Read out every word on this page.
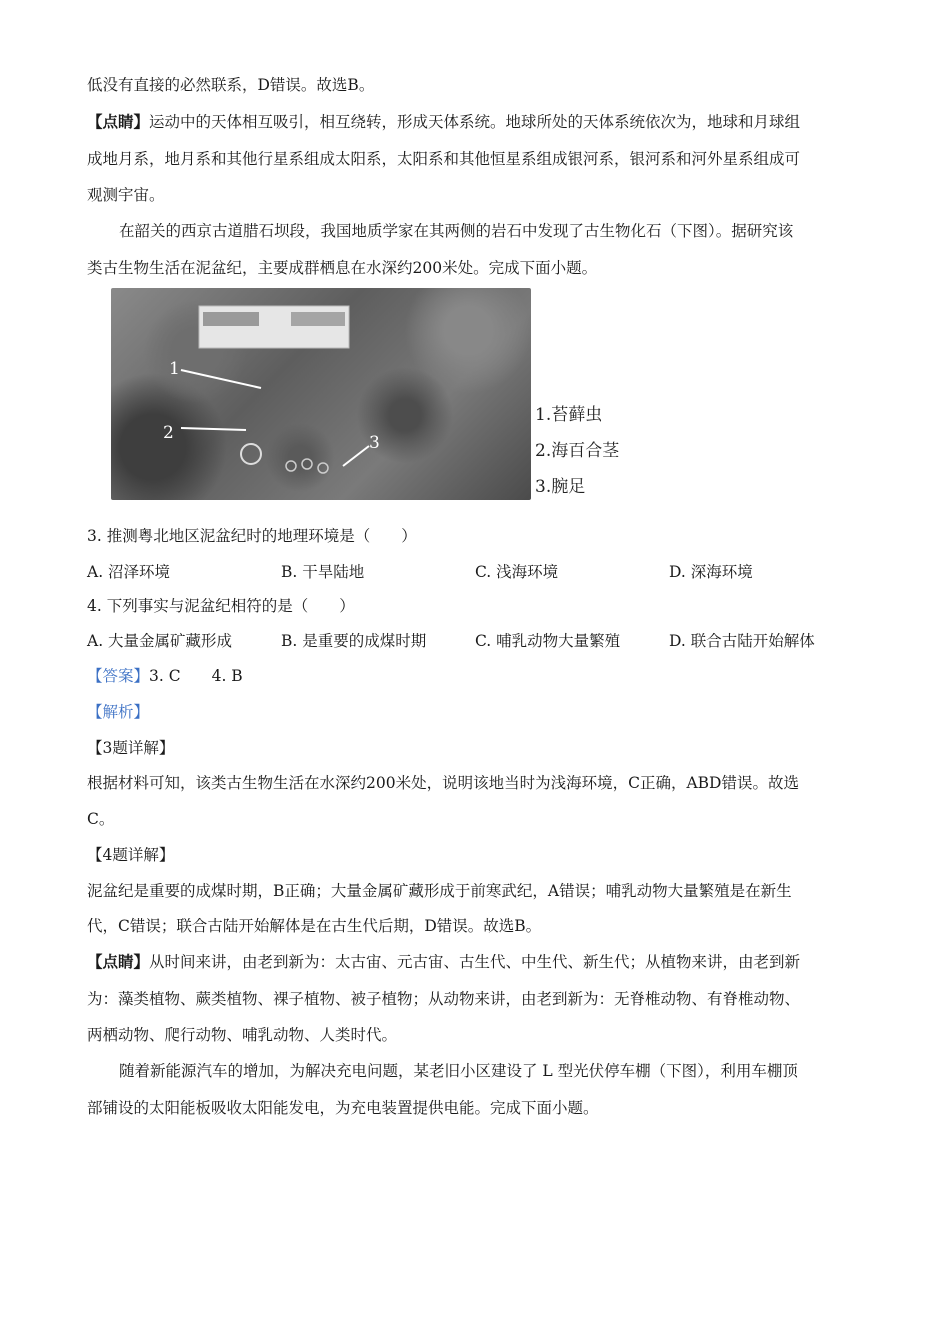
低没有直接的必然联系，D错误。故选B。
【点睛】运动中的天体相互吸引，相互绕转，形成天体系统。地球所处的天体系统依次为，地球和月球组
成地月系，地月系和其他行星系组成太阳系，太阳系和其他恒星系组成银河系，银河系和河外星系组成可
观测宇宙。
在韶关的西京古道腊石坝段，我国地质学家在其两侧的岩石中发现了古生物化石（下图）。据研究该
类古生物生活在泥盆纪，主要成群栖息在水深约200米处。完成下面小题。
1
2	3
1.苔藓虫
2.海百合茎
3.腕足
3. 推测粤北地区泥盆纪时的地理环境是（　　）
A. 沼泽环境	B. 干旱陆地	C. 浅海环境	D. 深海环境
4. 下列事实与泥盆纪相符的是（　　）
A. 大量金属矿藏形成	B. 是重要的成煤时期	C. 哺乳动物大量繁殖	D. 联合古陆开始解体
【答案】3. C　　4. B
【解析】
【3题详解】
根据材料可知，该类古生物生活在水深约200米处，说明该地当时为浅海环境，C正确，ABD错误。故选
C。
【4题详解】
泥盆纪是重要的成煤时期，B正确；大量金属矿藏形成于前寒武纪，A错误；哺乳动物大量繁殖是在新生
代，C错误；联合古陆开始解体是在古生代后期，D错误。故选B。
【点睛】从时间来讲，由老到新为：太古宙、元古宙、古生代、中生代、新生代；从植物来讲，由老到新
为：藻类植物、蕨类植物、裸子植物、被子植物；从动物来讲，由老到新为：无脊椎动物、有脊椎动物、
两栖动物、爬行动物、哺乳动物、人类时代。
随着新能源汽车的增加，为解决充电问题，某老旧小区建设了 L 型光伏停车棚（下图），利用车棚顶
部铺设的太阳能板吸收太阳能发电，为充电装置提供电能。完成下面小题。
